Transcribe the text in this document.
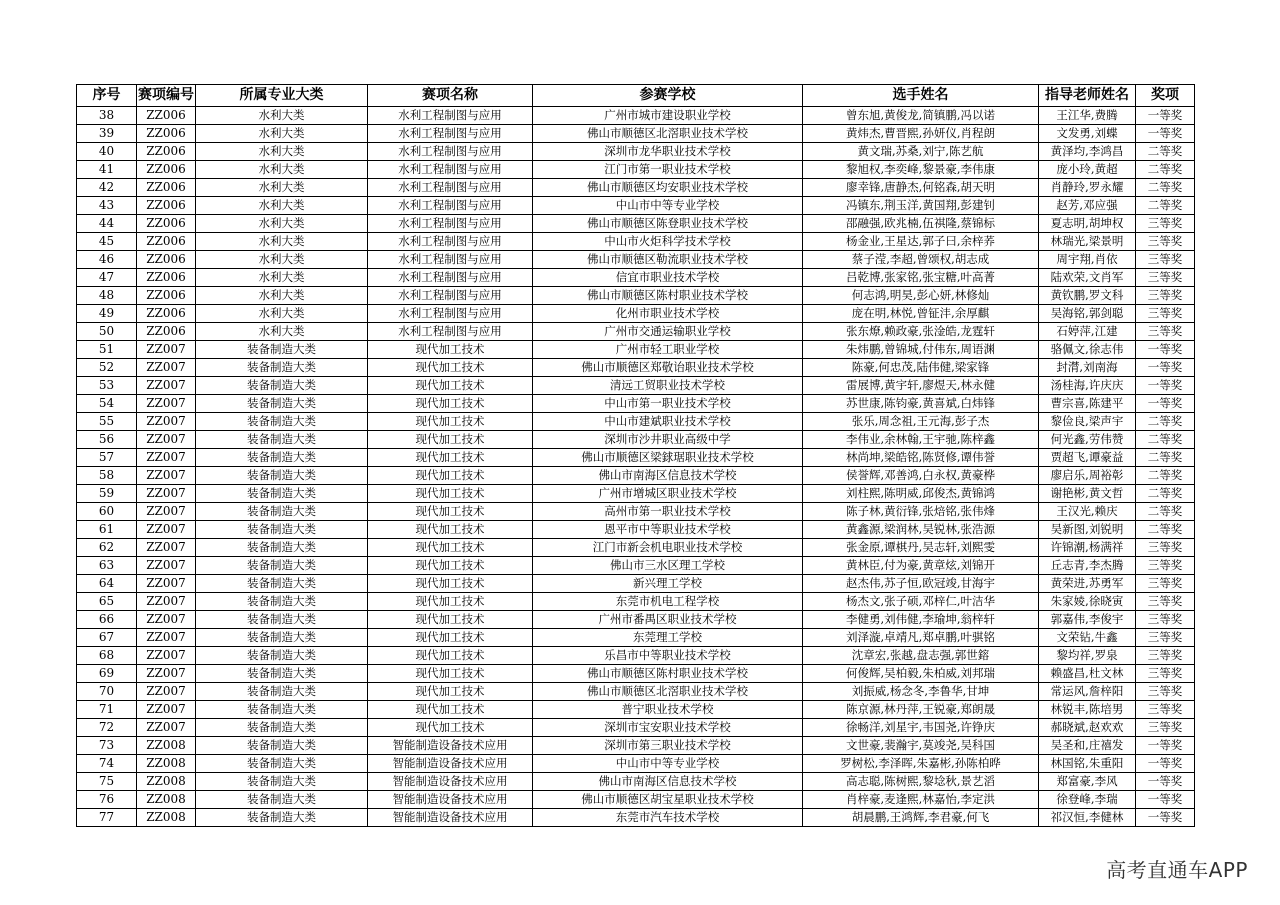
序号	赛项编号	所属专业大类	赛项名称	参赛学校	选手姓名	指导老师姓名	奖项
38	ZZ006	水利大类	水利工程制图与应用	广州市城市建设职业学校	曾东旭,黄俊龙,简镇鹏,冯以诺	王江华,费腾	一等奖
39	ZZ006	水利大类	水利工程制图与应用	佛山市顺德区北滘职业技术学校	黄炜杰,曹晋熙,孙妍仪,肖程朗	文发勇,刘蝶	一等奖
40	ZZ006	水利大类	水利工程制图与应用	深圳市龙华职业技术学校	黄文瑞,苏桑,刘宁,陈艺航	黄泽均,李鸿昌	二等奖
41	ZZ006	水利大类	水利工程制图与应用	江门市第一职业技术学校	黎旭权,李奕峰,黎景豪,李伟康	庞小玲,黄超	二等奖
42	ZZ006	水利大类	水利工程制图与应用	佛山市顺德区均安职业技术学校	廖幸锋,唐静杰,何铭森,胡天明	肖静玲,罗永耀	二等奖
43	ZZ006	水利大类	水利工程制图与应用	中山市中等专业学校	冯镇东,荆玉洋,黄国翔,彭建钊	赵芳,邓应强	二等奖
44	ZZ006	水利大类	水利工程制图与应用	佛山市顺德区陈登职业技术学校	邵融强,欧兆楠,伍祺隆,蔡锦标	夏志明,胡坤权	三等奖
45	ZZ006	水利大类	水利工程制图与应用	中山市火炬科学技术学校	杨金业,王星达,郭子曰,余梓荞	林瑞光,梁景明	三等奖
46	ZZ006	水利大类	水利工程制图与应用	佛山市顺德区勒流职业技术学校	蔡子滢,李超,曾颂权,胡志成	周宇翔,肖依	三等奖
47	ZZ006	水利大类	水利工程制图与应用	信宜市职业技术学校	吕乾博,张家铭,张宝糖,叶高菁	陆欢荣,文肖军	三等奖
48	ZZ006	水利大类	水利工程制图与应用	佛山市顺德区陈村职业技术学校	何志鸿,明昊,彭心妍,林修灿	黄钦鹏,罗文科	三等奖
49	ZZ006	水利大类	水利工程制图与应用	化州市职业技术学校	庞在明,林悦,曾钲沣,余厚麒	吴海铭,郭剑聪	三等奖
50	ZZ006	水利大类	水利工程制图与应用	广州市交通运输职业学校	张东燎,赖政豪,张淦皓,龙霆轩	石婷萍,江建	三等奖
51	ZZ007	装备制造大类	现代加工技术	广州市轻工职业学校	朱炜鹏,曾锦城,付伟东,周语渊	骆佩文,徐志伟	一等奖
52	ZZ007	装备制造大类	现代加工技术	佛山市顺德区郑敬诒职业技术学校	陈豪,何忠茂,陆伟健,梁家锋	封潸,刘南海	一等奖
53	ZZ007	装备制造大类	现代加工技术	清远工贸职业技术学校	雷展博,黄宇轩,廖煜天,林永健	汤桂海,许庆庆	一等奖
54	ZZ007	装备制造大类	现代加工技术	中山市第一职业技术学校	苏世康,陈钧豪,黄喜斌,白炜锋	曹宗喜,陈建平	一等奖
55	ZZ007	装备制造大类	现代加工技术	中山市建斌职业技术学校	张乐,周念祖,王元海,彭子杰	黎俭良,梁声宇	二等奖
56	ZZ007	装备制造大类	现代加工技术	深圳市沙井职业高级中学	李伟业,余林翰,王宇驰,陈梓鑫	何光鑫,劳伟赞	二等奖
57	ZZ007	装备制造大类	现代加工技术	佛山市顺德区梁銶琚职业技术学校	林尚坤,梁皓铭,陈贤修,谭伟誉	贾超飞,谭豪益	二等奖
58	ZZ007	装备制造大类	现代加工技术	佛山市南海区信息技术学校	侯誉辉,邓善鸿,白永权,黄豪桦	廖启乐,周裕彰	二等奖
59	ZZ007	装备制造大类	现代加工技术	广州市增城区职业技术学校	刘柱熙,陈明威,邱俊杰,黄锦鸿	谢艳彬,黄文哲	二等奖
60	ZZ007	装备制造大类	现代加工技术	高州市第一职业技术学校	陈子林,黄衍锋,张焙铭,张伟烽	王汉光,赖庆	二等奖
61	ZZ007	装备制造大类	现代加工技术	恩平市中等职业技术学校	黄鑫源,梁润林,吴锐林,张浩源	吴新图,刘锐明	二等奖
62	ZZ007	装备制造大类	现代加工技术	江门市新会机电职业技术学校	张金原,谭棋丹,吴志轩,刘熙雯	许锦潮,杨满祥	三等奖
63	ZZ007	装备制造大类	现代加工技术	佛山市三水区理工学校	黄林臣,付为豪,黄章炫,刘锦开	丘志青,李杰腾	三等奖
64	ZZ007	装备制造大类	现代加工技术	新兴理工学校	赵杰伟,苏子恒,欧冠竣,甘海宇	黄荣进,苏勇军	三等奖
65	ZZ007	装备制造大类	现代加工技术	东莞市机电工程学校	杨杰文,张子硕,邓梓仁,叶洁华	朱家婈,徐晓寅	三等奖
66	ZZ007	装备制造大类	现代加工技术	广州市番禺区职业技术学校	李健勇,刘伟健,李瑜坤,翁梓轩	郭嘉伟,李俊宇	三等奖
67	ZZ007	装备制造大类	现代加工技术	东莞理工学校	刘泽漩,卓靖凡,郑卓鹏,叶骐铭	文荣钻,牛鑫	三等奖
68	ZZ007	装备制造大类	现代加工技术	乐昌市中等职业技术学校	沈章宏,张越,盘志强,郭世鎔	黎均祥,罗泉	三等奖
69	ZZ007	装备制造大类	现代加工技术	佛山市顺德区陈村职业技术学校	何俊辉,吴柏毅,朱柏威,刘邦瑞	赖盛昌,杜文林	三等奖
70	ZZ007	装备制造大类	现代加工技术	佛山市顺德区北滘职业技术学校	刘振威,杨念冬,李鲁华,甘坤	常运风,詹梓阳	三等奖
71	ZZ007	装备制造大类	现代加工技术	普宁职业技术学校	陈京源,林丹萍,王锐豪,郑朗晟	林锐丰,陈培男	三等奖
72	ZZ007	装备制造大类	现代加工技术	深圳市宝安职业技术学校	徐畅洋,刘星宇,韦国尧,许铮庆	郝晓斌,赵欢欢	三等奖
73	ZZ008	装备制造大类	智能制造设备技术应用	深圳市第三职业技术学校	文世豪,裴瀚宇,莫竣尧,吴科国	吴圣和,庄禧发	一等奖
74	ZZ008	装备制造大类	智能制造设备技术应用	中山市中等专业学校	罗树松,李泽晖,朱嘉彬,孙陈柏晔	林国铭,朱重阳	一等奖
75	ZZ008	装备制造大类	智能制造设备技术应用	佛山市南海区信息技术学校	高志聪,陈树熙,黎埝秋,景艺滔	郑富豪,李风	一等奖
76	ZZ008	装备制造大类	智能制造设备技术应用	佛山市顺德区胡宝星职业技术学校	肖梓豪,麦逢熙,林嘉怡,李定洪	徐登峰,李瑞	一等奖
77	ZZ008	装备制造大类	智能制造设备技术应用	东莞市汽车技术学校	胡晨鹏,王鸿辉,李君豪,何飞	祁汉恒,李健林	一等奖
高考直通车APP
